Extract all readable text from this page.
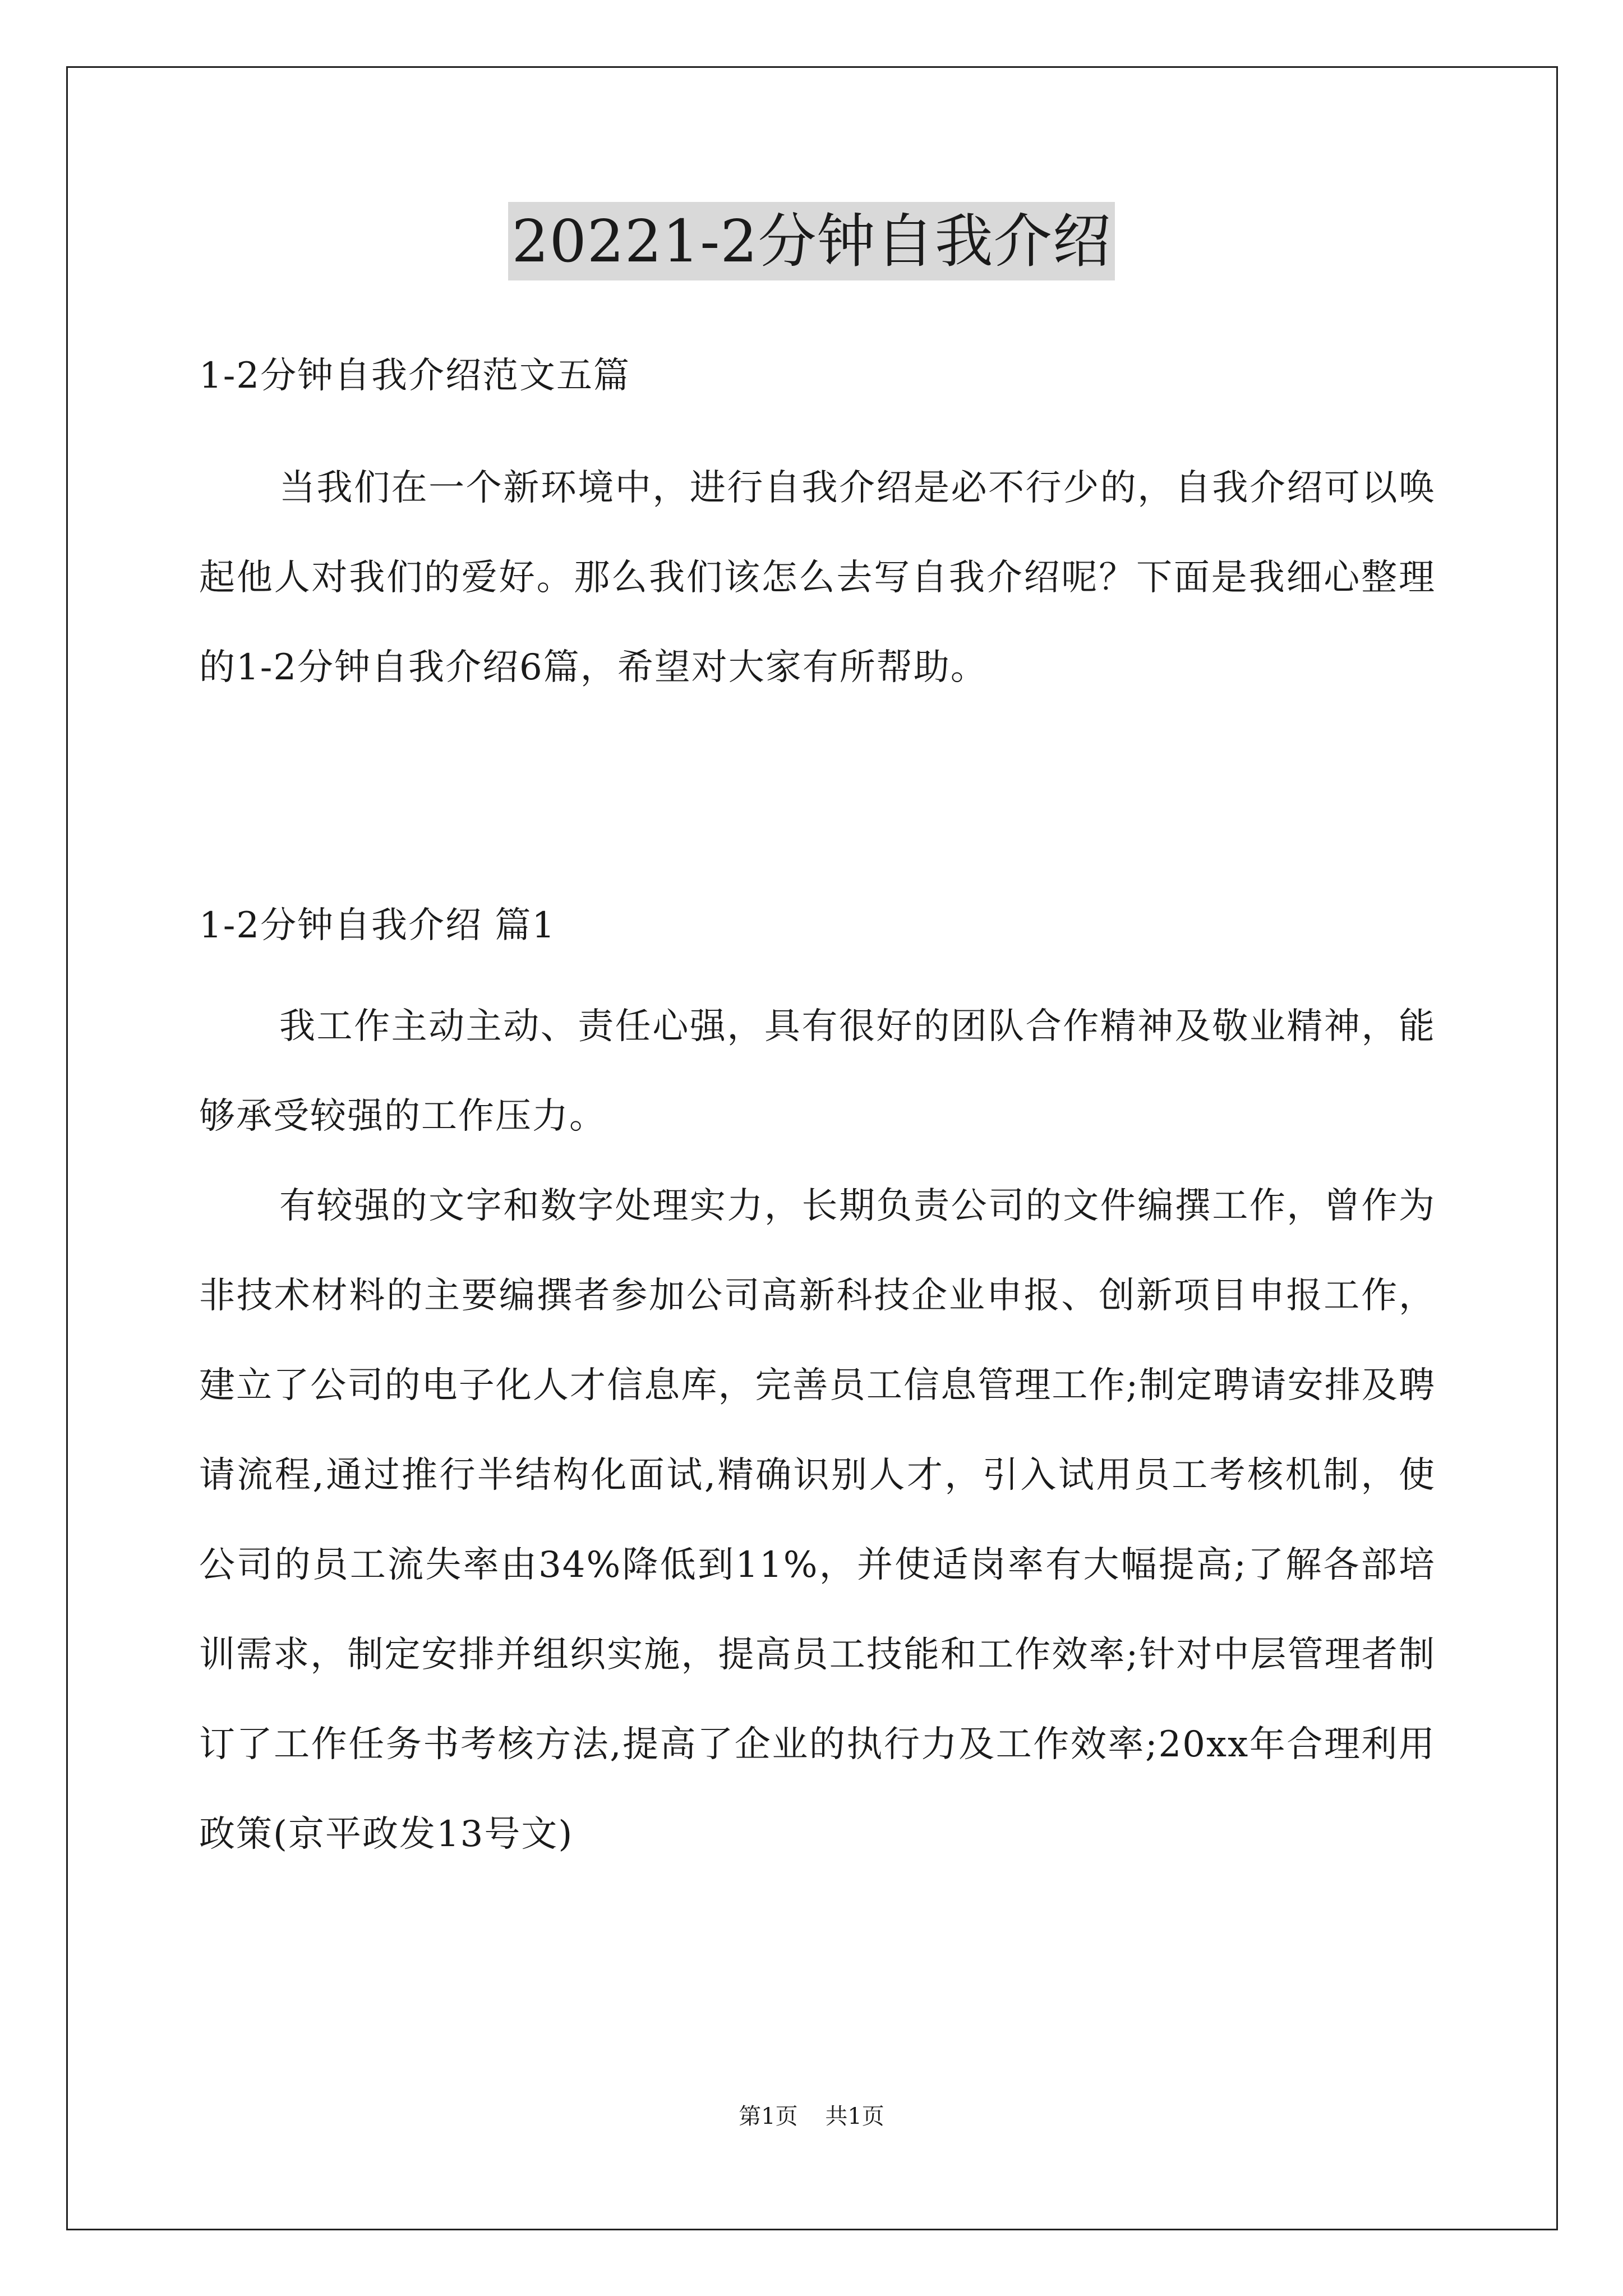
20221-2分钟自我介绍

1-2分钟自我介绍范文五篇

当我们在一个新环境中，进行自我介绍是必不行少的，自我介绍可以唤起他人对我们的爱好。那么我们该怎么去写自我介绍呢？下面是我细心整理的1-2分钟自我介绍6篇，希望对大家有所帮助。

1-2分钟自我介绍 篇1

我工作主动主动、责任心强，具有很好的团队合作精神及敬业精神，能够承受较强的工作压力。

有较强的文字和数字处理实力，长期负责公司的文件编撰工作，曾作为非技术材料的主要编撰者参加公司高新科技企业申报、创新项目申报工作，建立了公司的电子化人才信息库，完善员工信息管理工作;制定聘请安排及聘请流程,通过推行半结构化面试,精确识别人才，引入试用员工考核机制，使公司的员工流失率由34%降低到11%，并使适岗率有大幅提高;了解各部培训需求，制定安排并组织实施，提高员工技能和工作效率;针对中层管理者制订了工作任务书考核方法,提高了企业的执行力及工作效率;20xx年合理利用政策(京平政发13号文)

第1页 共1页
